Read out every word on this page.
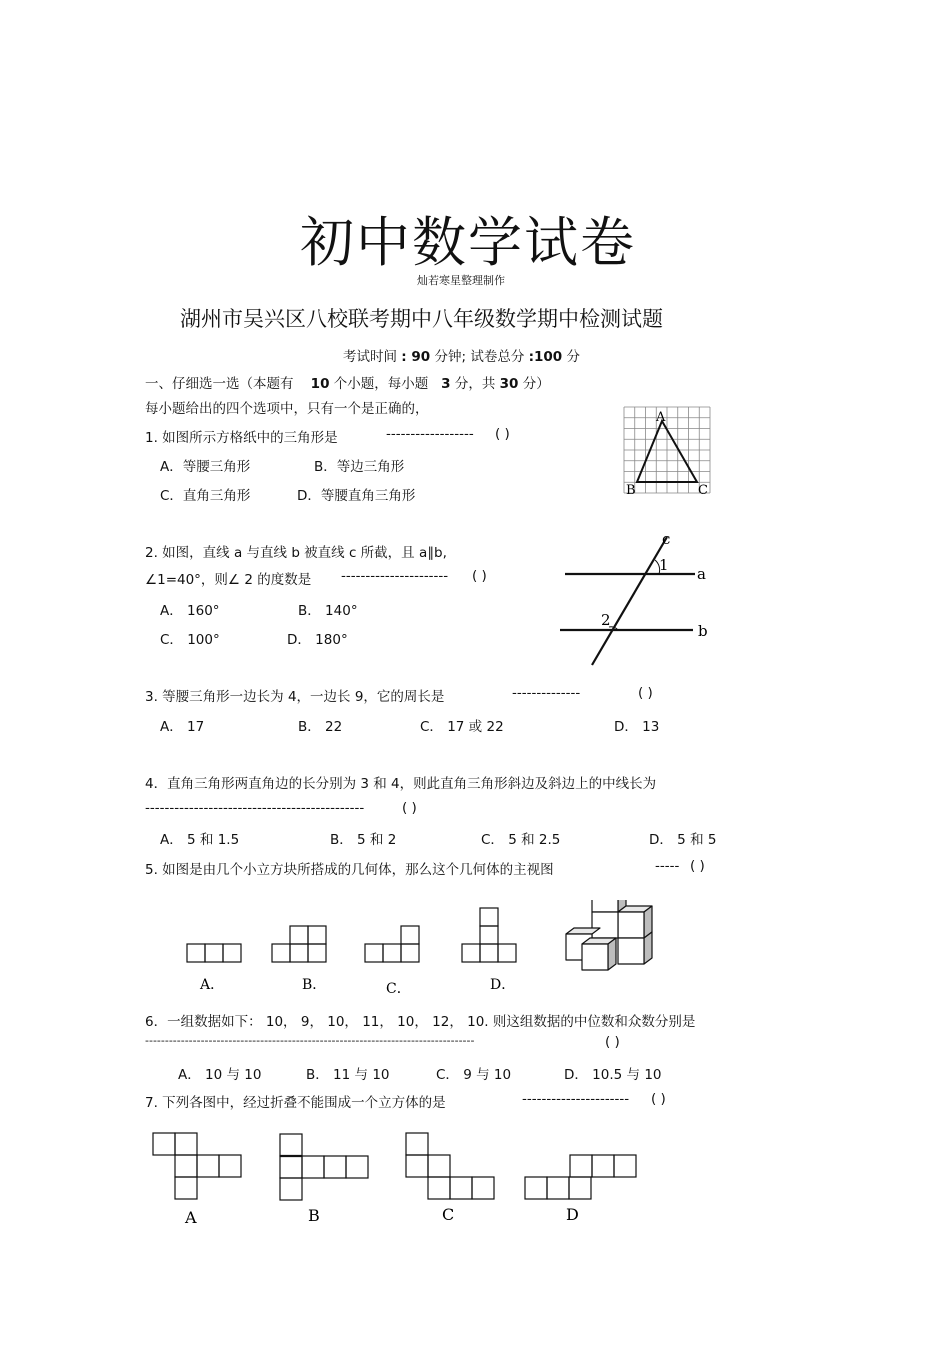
初中数学试卷
灿若寒星整理制作
湖州市吴兴区八校联考期中八年级数学期中检测试题
考试时间 : 90 分钟; 试卷总分 :100 分
一、仔细选一选（本题有 10 个小题，每小题 3 分，共 30 分）
每小题给出的四个选项中，只有一个是正确的，
1. 如图所示方格纸中的三角形是	------------------ ( )
A．等腰三角形	B．等边三角形
C．直角三角形	D．等腰直角三角形
A
B	C
2. 如图，直线 a 与直线 b 被直线 c 所截，且 a∥b,
∠1=40°，则∠ 2 的度数是 ---------------------- ( )
A． 160°	B． 140°
C． 100°	D． 180°
c
1 a
2
b
3. 等腰三角形一边长为 4，一边长 9，它的周长是	--------------	( )
A． 17	B． 22	C． 17 或 22	D． 13
4．直角三角形两直角边的长分别为 3 和 4，则此直角三角形斜边及斜边上的中线长为
---------------------------------------------	( )
A． 5 和 1.5	B． 5 和 2	C． 5 和 2.5	D． 5 和 5
5. 如图是由几个小立方块所搭成的几何体，那么这个几何体的主视图	----- ( )
A．	B．	C．	D．
6．一组数据如下： 10， 9， 10， 11， 10， 12， 10. 则这组数据的中位数和众数分别是
-----------------------------------------------------------------------------------	( )
A． 10 与 10	B． 11 与 10	C． 9 与 10	D． 10.5 与 10
7. 下列各图中，经过折叠不能围成一个立方体的是	---------------------- ( )
A	B	C	D
